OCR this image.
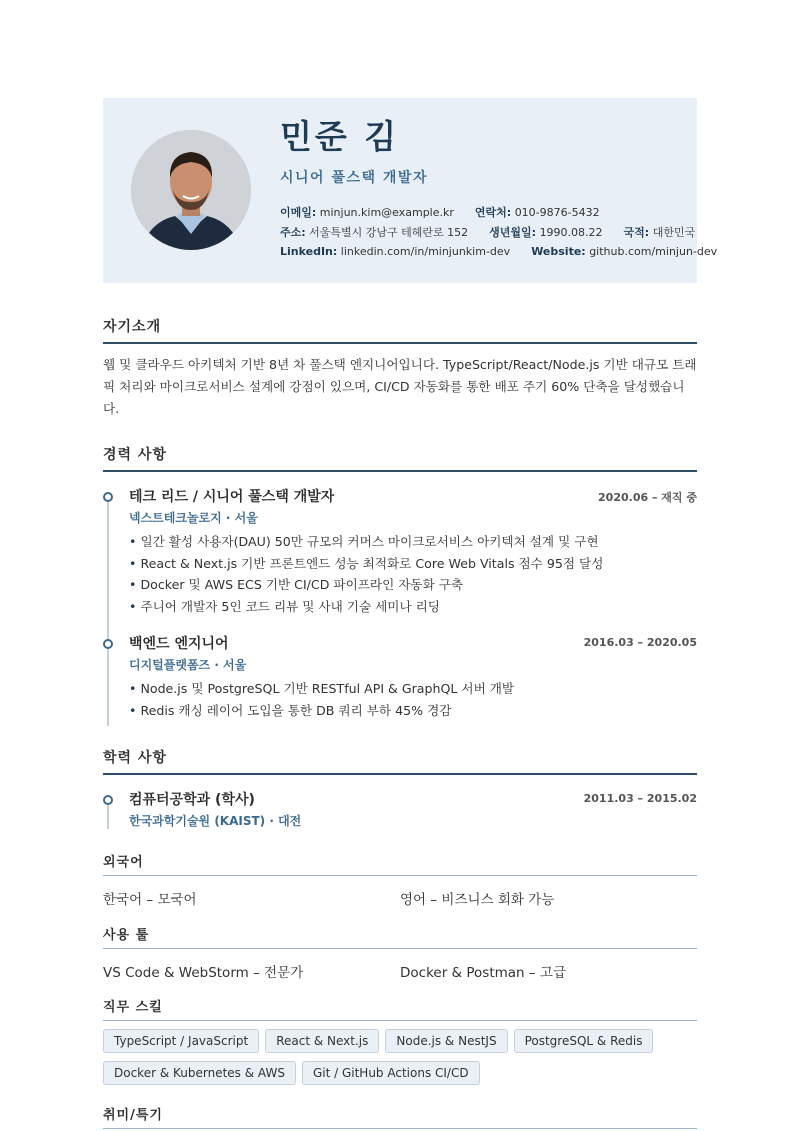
민준 김
시니어 풀스택 개발자
이메일: minjun.kim@example.kr 연락처: 010-9876-5432
주소: 서울특별시 강남구 테헤란로 152 생년월일: 1990.08.22 국적: 대한민국
LinkedIn: linkedin.com/in/minjunkim-dev Website: github.com/minjun-dev
자기소개
웹 및 클라우드 아키텍처 기반 8년 차 풀스택 엔지니어입니다. TypeScript/React/Node.js 기반 대규모 트래픽 처리와 마이크로서비스 설계에 강점이 있으며, CI/CD 자동화를 통한 배포 주기 60% 단축을 달성했습니다.
경력 사항
테크 리드 / 시니어 풀스택 개발자	2020.06 – 재직 중
넥스트테크놀로지 · 서울
• 일간 활성 사용자(DAU) 50만 규모의 커머스 마이크로서비스 아키텍처 설계 및 구현
• React & Next.js 기반 프론트엔드 성능 최적화로 Core Web Vitals 점수 95점 달성
• Docker 및 AWS ECS 기반 CI/CD 파이프라인 자동화 구축
• 주니어 개발자 5인 코드 리뷰 및 사내 기술 세미나 리딩
백엔드 엔지니어	2016.03 – 2020.05
디지털플랫폼즈 · 서울
• Node.js 및 PostgreSQL 기반 RESTful API & GraphQL 서버 개발
• Redis 캐싱 레이어 도입을 통한 DB 쿼리 부하 45% 경감
학력 사항
컴퓨터공학과 (학사)	2011.03 – 2015.02
한국과학기술원 (KAIST) · 대전
외국어
한국어 – 모국어	영어 – 비즈니스 회화 가능
사용 툴
VS Code & WebStorm – 전문가	Docker & Postman – 고급
직무 스킬
TypeScript / JavaScript React & Next.js Node.js & NestJS PostgreSQL & Redis
Docker & Kubernetes & AWS Git / GitHub Actions CI/CD
취미/특기
